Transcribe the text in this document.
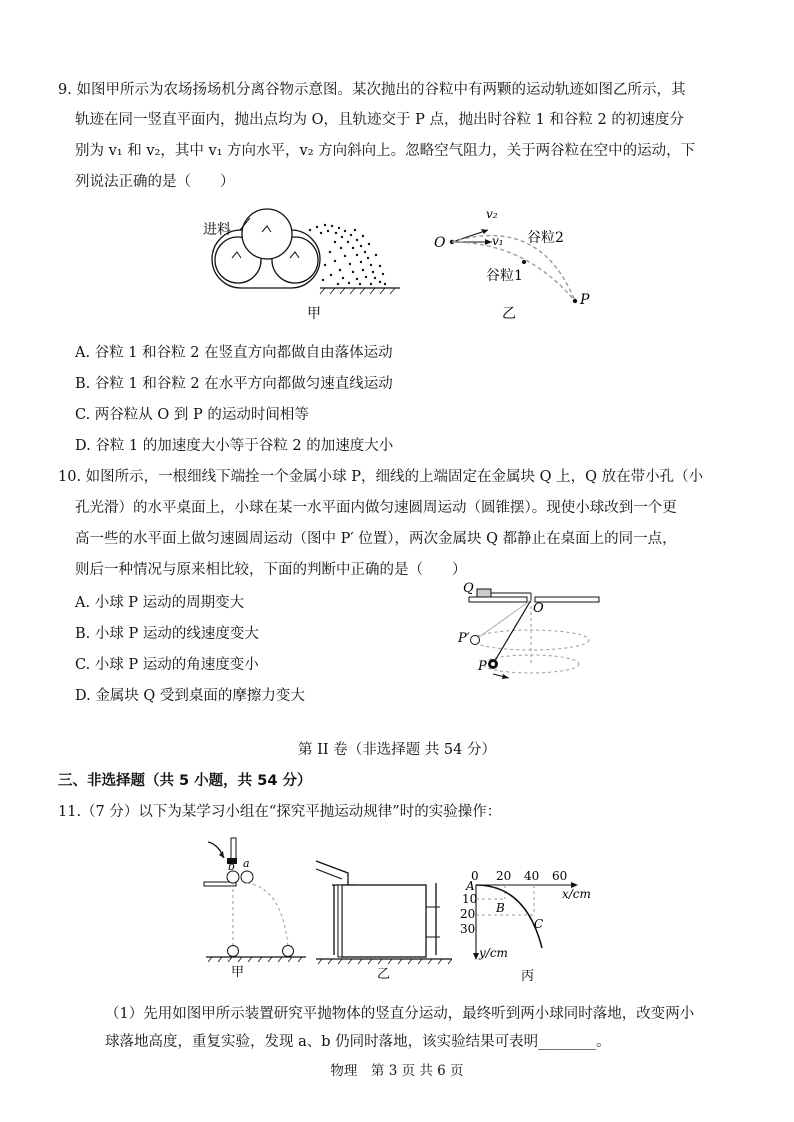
9. 如图甲所示为农场扬场机分离谷物示意图。某次抛出的谷粒中有两颗的运动轨迹如图乙所示，其
轨迹在同一竖直平面内，抛出点均为 O，且轨迹交于 P 点，抛出时谷粒 1 和谷粒 2 的初速度分
别为 v₁ 和 v₂，其中 v₁ 方向水平，v₂ 方向斜向上。忽略空气阻力，关于两谷粒在空中的运动，下
列说法正确的是（　　）
进料
甲
O
v₂
v₁ 谷粒2
谷粒1
P
乙
A. 谷粒 1 和谷粒 2 在竖直方向都做自由落体运动
B. 谷粒 1 和谷粒 2 在水平方向都做匀速直线运动
C. 两谷粒从 O 到 P 的运动时间相等
D. 谷粒 1 的加速度大小等于谷粒 2 的加速度大小
10. 如图所示，一根细线下端拴一个金属小球 P，细线的上端固定在金属块 Q 上，Q 放在带小孔（小
孔光滑）的水平桌面上，小球在某一水平面内做匀速圆周运动（圆锥摆）。现使小球改到一个更
高一些的水平面上做匀速圆周运动（图中 P′ 位置），两次金属块 Q 都静止在桌面上的同一点，
则后一种情况与原来相比较，下面的判断中正确的是（　　）
A. 小球 P 运动的周期变大
B. 小球 P 运动的线速度变大
C. 小球 P 运动的角速度变小
D. 金属块 Q 受到桌面的摩擦力变大
Q
O
P′
P
第 II 卷（非选择题 共 54 分）
三、非选择题（共 5 小题，共 54 分）
11.（7 分）以下为某学习小组在“探究平抛运动规律”时的实验操作：
b a
甲	乙
0 20 40 60
x/cm
10
20
30
y/cm
A
B
C
丙
（1）先用如图甲所示装置研究平抛物体的竖直分运动，最终听到两小球同时落地，改变两小
球落地高度，重复实验，发现 a、b 仍同时落地，该实验结果可表明________。
物理　第 3 页 共 6 页
